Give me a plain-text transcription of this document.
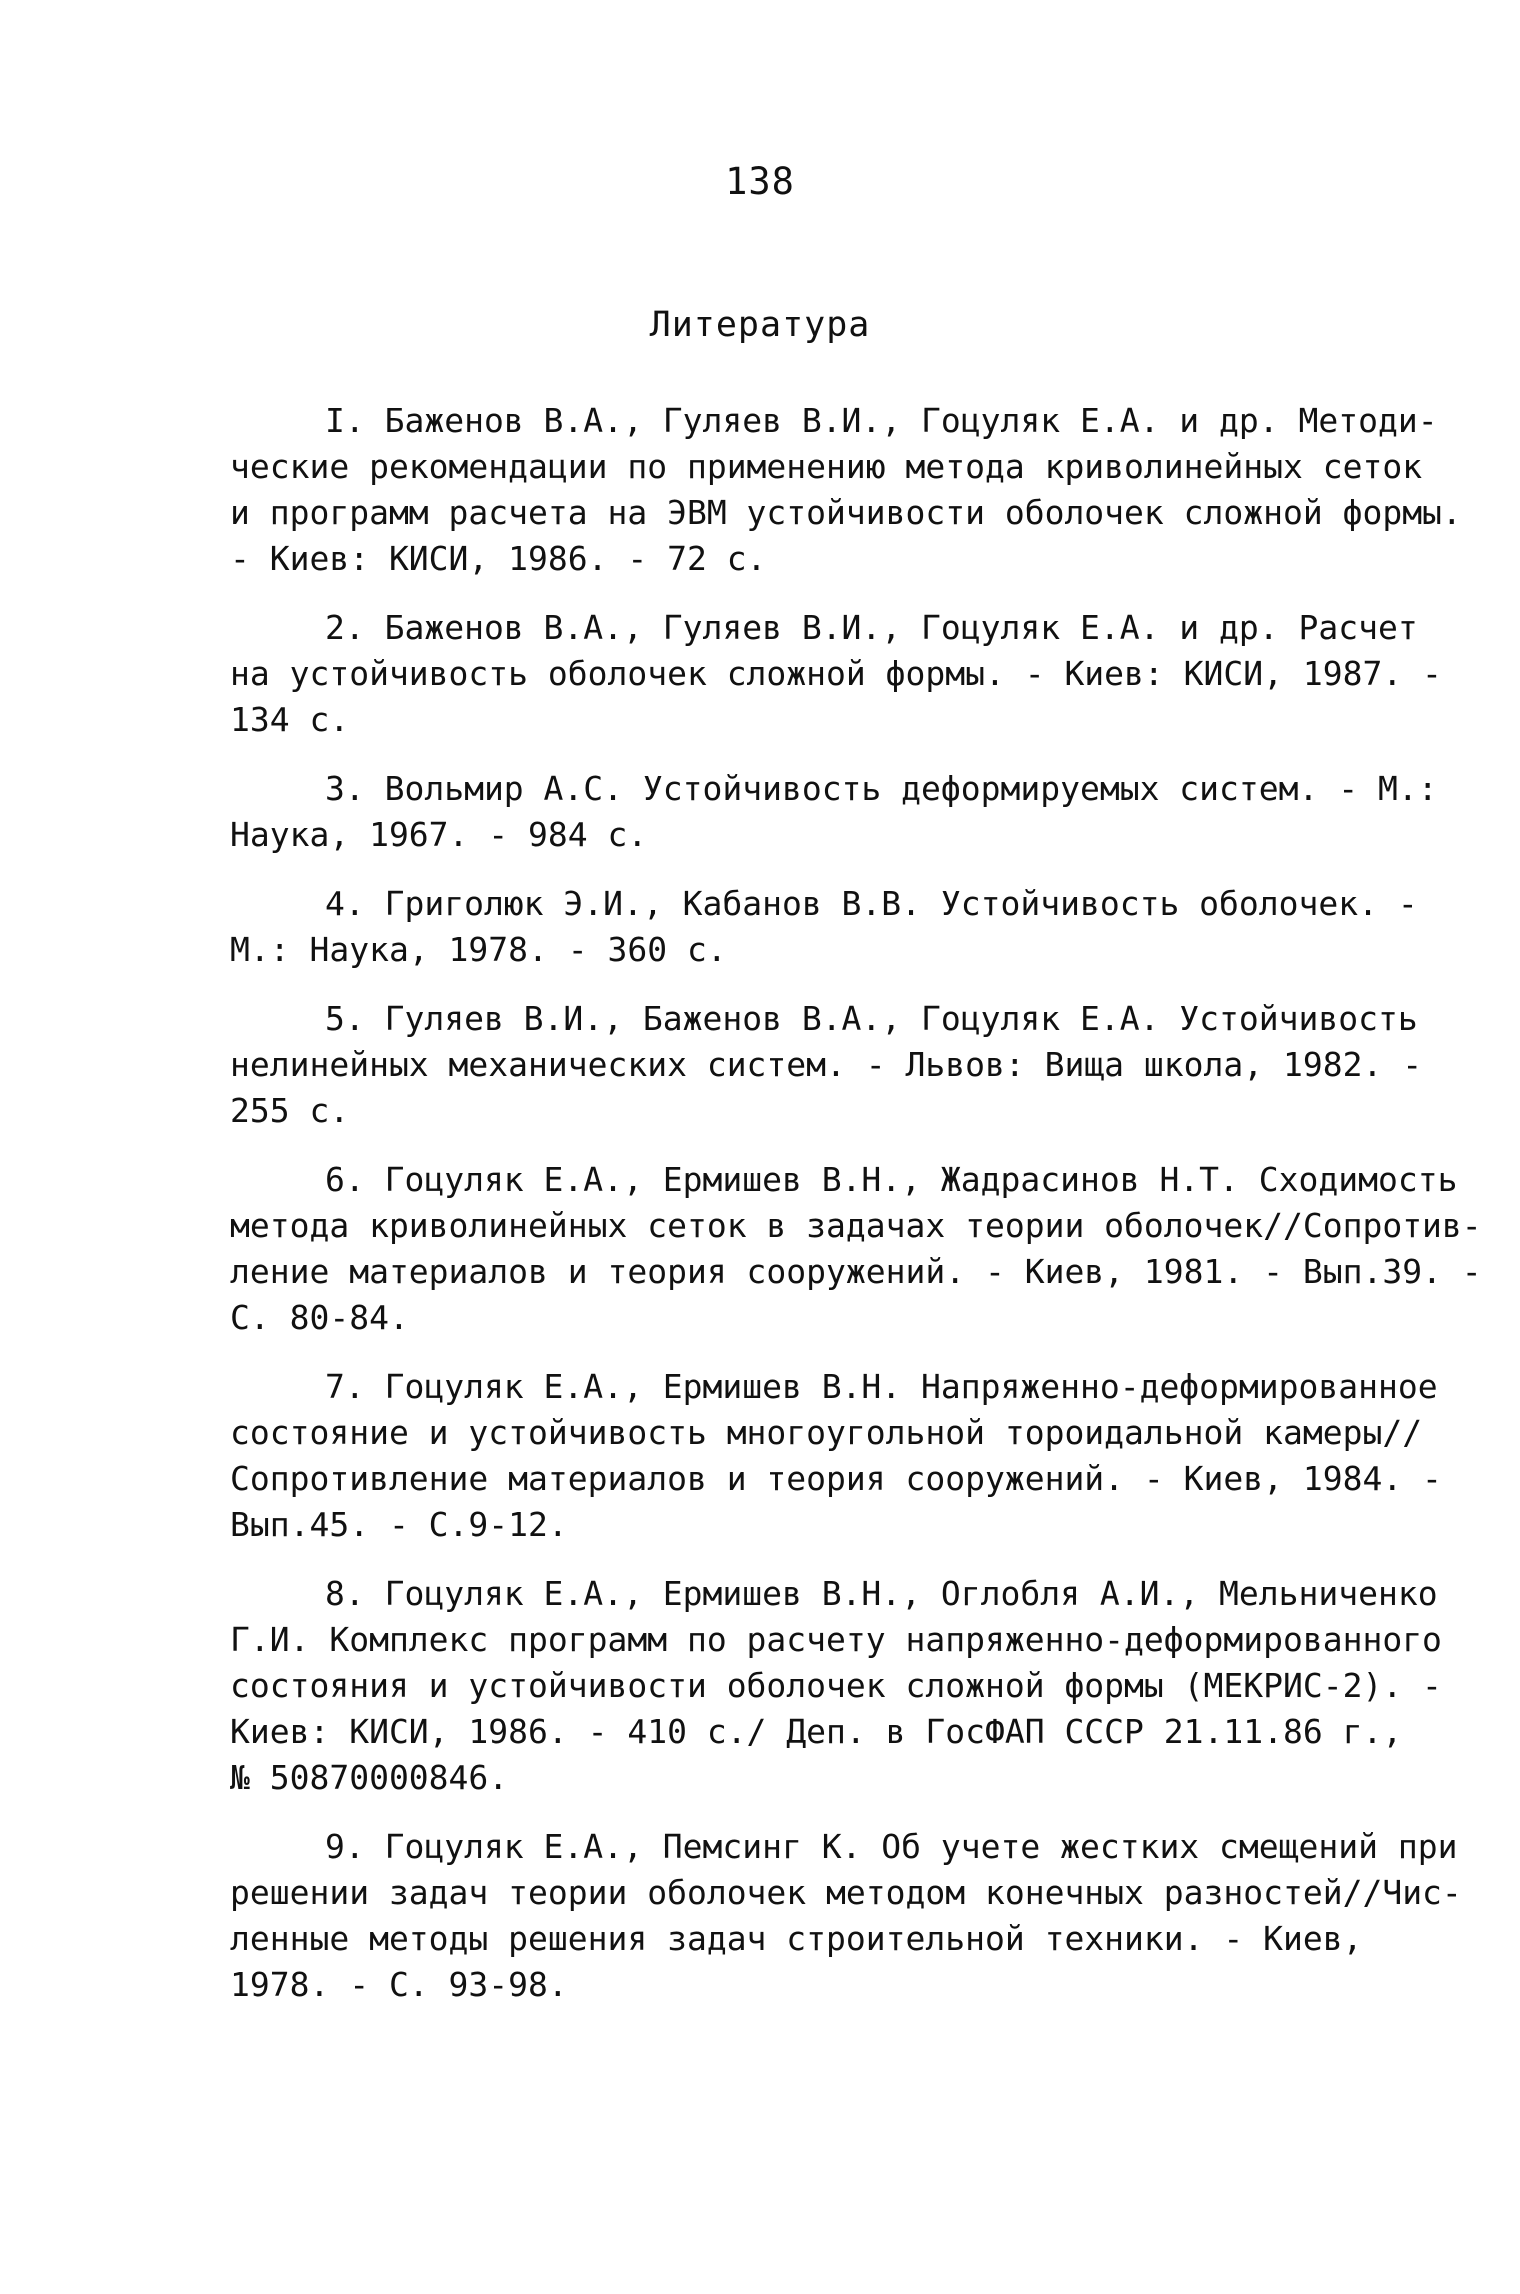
138
Литература
I. Баженов В.А., Гуляев В.И., Гоцуляк Е.А. и др. Методи-
ческие рекомендации по применению метода криволинейных сеток
и программ расчета на ЭВМ устойчивости оболочек сложной формы.
- Киев: КИСИ, 1986. - 72 с.
2. Баженов В.А., Гуляев В.И., Гоцуляк Е.А. и др. Расчет
на устойчивость оболочек сложной формы. - Киев: КИСИ, 1987. -
134 с.
3. Вольмир А.С. Устойчивость деформируемых систем. - М.:
Наука, 1967. - 984 с.
4. Григолюк Э.И., Кабанов В.В. Устойчивость оболочек. -
М.: Наука, 1978. - 360 с.
5. Гуляев В.И., Баженов В.А., Гоцуляк Е.А. Устойчивость
нелинейных механических систем. - Львов: Вища школа, 1982. -
255 с.
6. Гоцуляк Е.А., Ермишев В.Н., Жадрасинов Н.Т. Сходимость
метода криволинейных сеток в задачах теории оболочек//Сопротив-
ление материалов и теория сооружений. - Киев, 1981. - Вып.39. -
С. 80-84.
7. Гоцуляк Е.А., Ермишев В.Н. Напряженно-деформированное
состояние и устойчивость многоугольной тороидальной камеры//
Сопротивление материалов и теория сооружений. - Киев, 1984. -
Вып.45. - С.9-12.
8. Гоцуляк Е.А., Ермишев В.Н., Оглобля А.И., Мельниченко
Г.И. Комплекс программ по расчету напряженно-деформированного
состояния и устойчивости оболочек сложной формы (МЕКРИС-2). -
Киев: КИСИ, 1986. - 410 с./ Деп. в ГосФАП СССР 21.11.86 г.,
№ 50870000846.
9. Гоцуляк Е.А., Пемсинг К. Об учете жестких смещений при
решении задач теории оболочек методом конечных разностей//Чис-
ленные методы решения задач строительной техники. - Киев,
1978. - С. 93-98.
